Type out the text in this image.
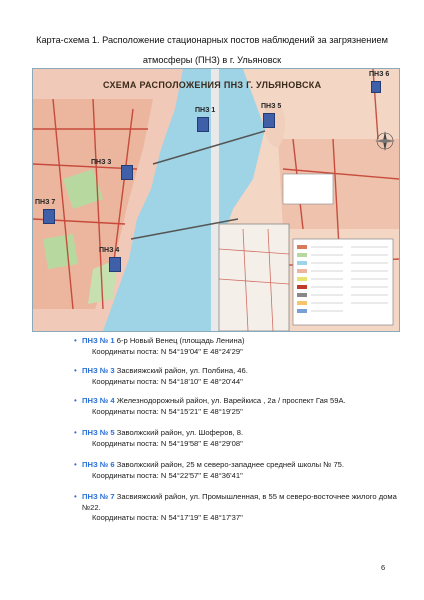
Карта-схема 1. Расположение стационарных постов наблюдений за загрязнением
атмосферы (ПНЗ) в г. Ульяновск
СХЕМА РАСПОЛОЖЕНИЯ ПНЗ Г. УЛЬЯНОВСКА
ПНЗ 5
ПНЗ 6
ПНЗ 1
ПНЗ 3
ПНЗ 7
ПНЗ 4
• ПНЗ № 1 6-р Новый Венец (площадь Ленина)
Координаты поста: N 54°19'04" E 48°24'29"
• ПНЗ № 3 Засвияжский район, ул. Полбина, 46.
Координаты поста: N 54°18'10" E 48°20'44"
• ПНЗ № 4 Железнодорожный район, ул. Варейкиса , 2а / проспект Гая 59А.
Координаты поста: N 54°15'21" E 48°19'25"
• ПНЗ № 5 Заволжский район, ул. Шоферов, 8.
Координаты поста: N 54°19'58" E 48°29'08"
• ПНЗ № 6 Заволжский район, 25 м северо-западнее средней школы № 75.
Координаты поста: N 54°22'57" E 48°36'41"
• ПНЗ № 7 Засвияжский район, ул. Промышленная, в 55 м северо-восточнее жилого дома №22.
Координаты поста: N 54°17'19" E 48°17'37"
6
